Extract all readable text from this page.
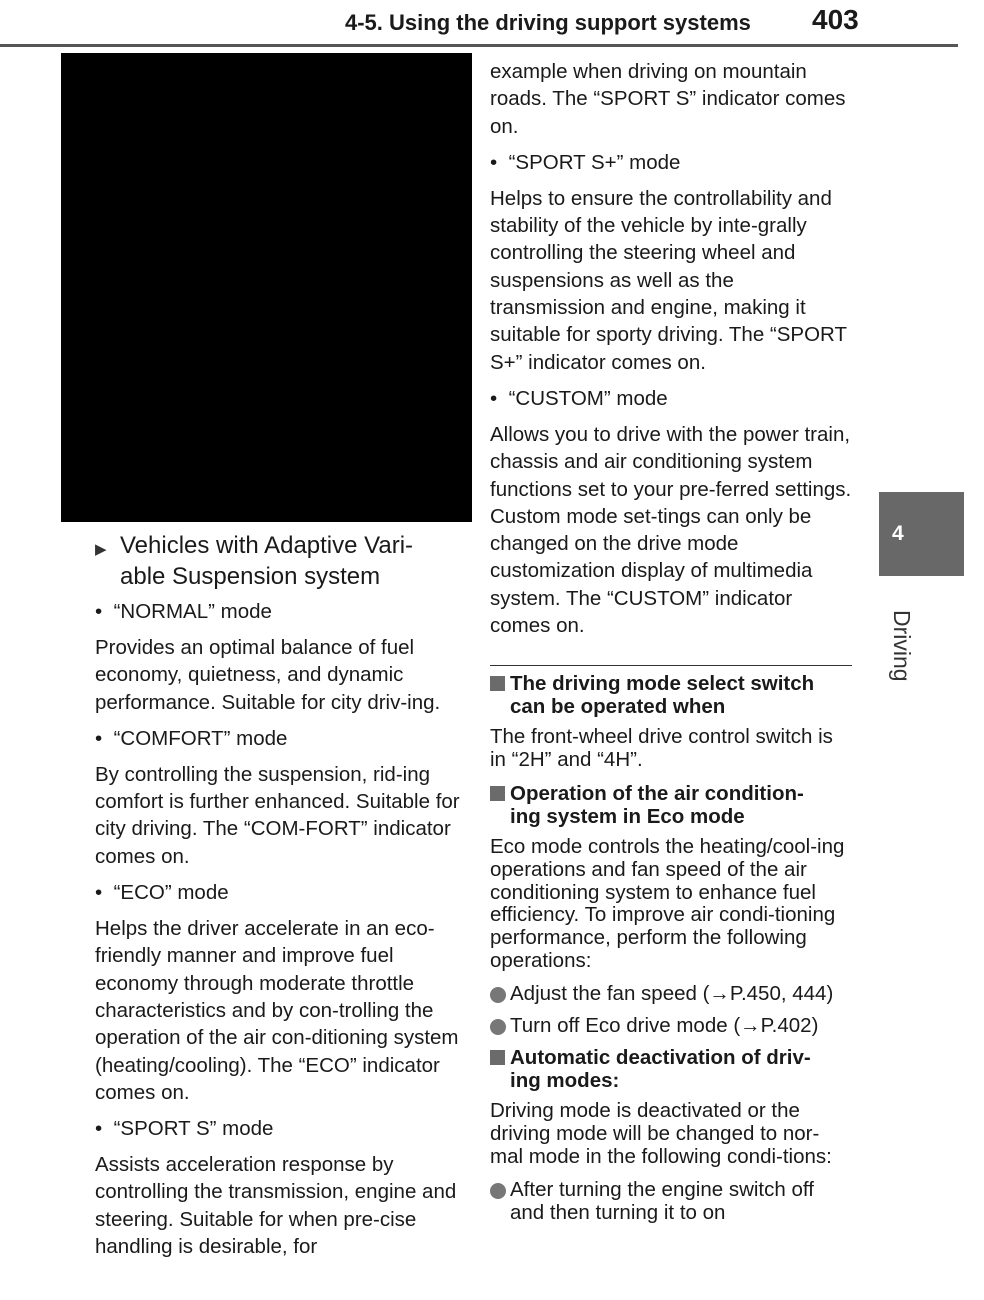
4-5. Using the driving support systems 403
▶ Vehicles with Adaptive Vari-
able Suspension system
•  “NORMAL” mode
Provides an optimal balance of fuel economy, quietness, and dynamic performance. Suitable for city driv-ing.
•  “COMFORT” mode
By controlling the suspension, rid-ing comfort is further enhanced. Suitable for city driving. The “COM-FORT” indicator comes on.
•  “ECO” mode
Helps the driver accelerate in an eco-friendly manner and improve fuel economy through moderate throttle characteristics and by con-trolling the operation of the air con-ditioning system (heating/cooling). The “ECO” indicator comes on.
•  “SPORT S” mode
Assists acceleration response by controlling the transmission, engine and steering. Suitable for when pre-cise handling is desirable, for
example when driving on mountain roads. The “SPORT S” indicator comes on.
•  “SPORT S+” mode
Helps to ensure the controllability and stability of the vehicle by inte-grally controlling the steering wheel and suspensions as well as the transmission and engine, making it suitable for sporty driving. The “SPORT S+” indicator comes on.
•  “CUSTOM” mode
Allows you to drive with the power train, chassis and air conditioning system functions set to your pre-ferred settings. Custom mode set-tings can only be changed on the drive mode customization display of multimedia system. The “CUSTOM” indicator comes on.
The driving mode select switch
can be operated when
The front-wheel drive control switch is in “2H” and “4H”.
Operation of the air condition-
ing system in Eco mode
Eco mode controls the heating/cool-ing operations and fan speed of the air conditioning system to enhance fuel efficiency. To improve air condi-tioning performance, perform the following operations:
Adjust the fan speed (→P.450, 444)
Turn off Eco drive mode (→P.402)
Automatic deactivation of driv-
ing modes:
Driving mode is deactivated or the driving mode will be changed to nor-mal mode in the following condi-tions:
After turning the engine switch off and then turning it to on
4
Driving
